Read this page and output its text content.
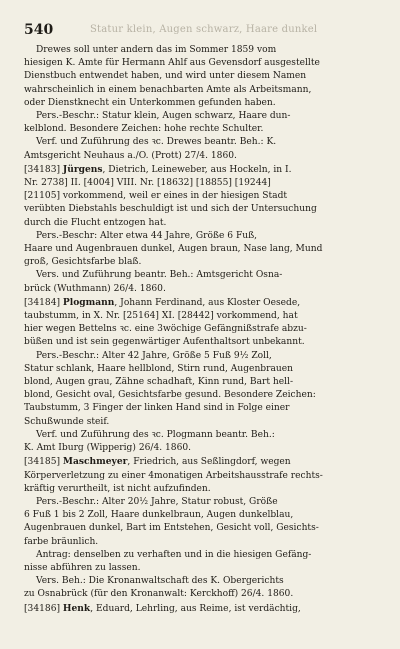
540	Statur klein, Augen schwarz, Haare dunkel
Drewes soll unter andern das im Sommer 1859 vom
hiesigen K. Amte für Hermann Ahlf aus Gevensdorf ausgestellte
Dienstbuch entwendet haben, und wird unter diesem Namen
wahrscheinlich in einem benachbarten Amte als Arbeitsmann,
oder Dienstknecht ein Unterkommen gefunden haben.
Pers.-Beschr.: Statur klein, Augen schwarz, Haare dun-
kelblond. Besondere Zeichen: hohe rechte Schulter.
Verf. und Zuführung des ꝛc. Drewes beantr. Beh.: K.
Amtsgericht Neuhaus a./O. (Prott) 27/4. 1860.
[34183] Jürgens, Dietrich, Leineweber, aus Hockeln, in I.
Nr. 2738] II. [4004] VIII. Nr. [18632] [18855] [19244]
[21105] vorkommend, weil er eines in der hiesigen Stadt
verübten Diebstahls beschuldigt ist und sich der Untersuchung
durch die Flucht entzogen hat.
Pers.-Beschr: Alter etwa 44 Jahre, Größe 6 Fuß,
Haare und Augenbrauen dunkel, Augen braun, Nase lang, Mund
groß, Gesichtsfarbe blaß.
Vers. und Zuführung beantr. Beh.: Amtsgericht Osna-
brück (Wuthmann) 26/4. 1860.
[34184] Plogmann, Johann Ferdinand, aus Kloster Oesede,
taubstumm, in X. Nr. [25164] XI. [28442] vorkommend, hat
hier wegen Bettelns ꝛc. eine 3wöchige Gefängnißstrafe abzu-
büßen und ist sein gegenwärtiger Aufenthaltsort unbekannt.
Pers.-Beschr.: Alter 42 Jahre, Größe 5 Fuß 9½ Zoll,
Statur schlank, Haare hellblond, Stirn rund, Augenbrauen
blond, Augen grau, Zähne schadhaft, Kinn rund, Bart hell-
blond, Gesicht oval, Gesichtsfarbe gesund. Besondere Zeichen:
Taubstumm, 3 Finger der linken Hand sind in Folge einer
Schußwunde steif.
Verf. und Zuführung des ꝛc. Plogmann beantr. Beh.:
K. Amt Iburg (Wipperig) 26/4. 1860.
[34185] Maschmeyer, Friedrich, aus Seßlingdorf, wegen
Körperverletzung zu einer 4monatigen Arbeitshausstrafe rechts-
kräftig verurtheilt, ist nicht aufzufinden.
Pers.-Beschr.: Alter 20½ Jahre, Statur robust, Größe
6 Fuß 1 bis 2 Zoll, Haare dunkelbraun, Augen dunkelblau,
Augenbrauen dunkel, Bart im Entstehen, Gesicht voll, Gesichts-
farbe bräunlich.
Antrag: denselben zu verhaften und in die hiesigen Gefäng-
nisse abführen zu lassen.
Vers. Beh.: Die Kronanwaltschaft des K. Obergerichts
zu Osnabrück (für den Kronanwalt: Kerckhoff) 26/4. 1860.
[34186] Henk, Eduard, Lehrling, aus Reime, ist verdächtig,
